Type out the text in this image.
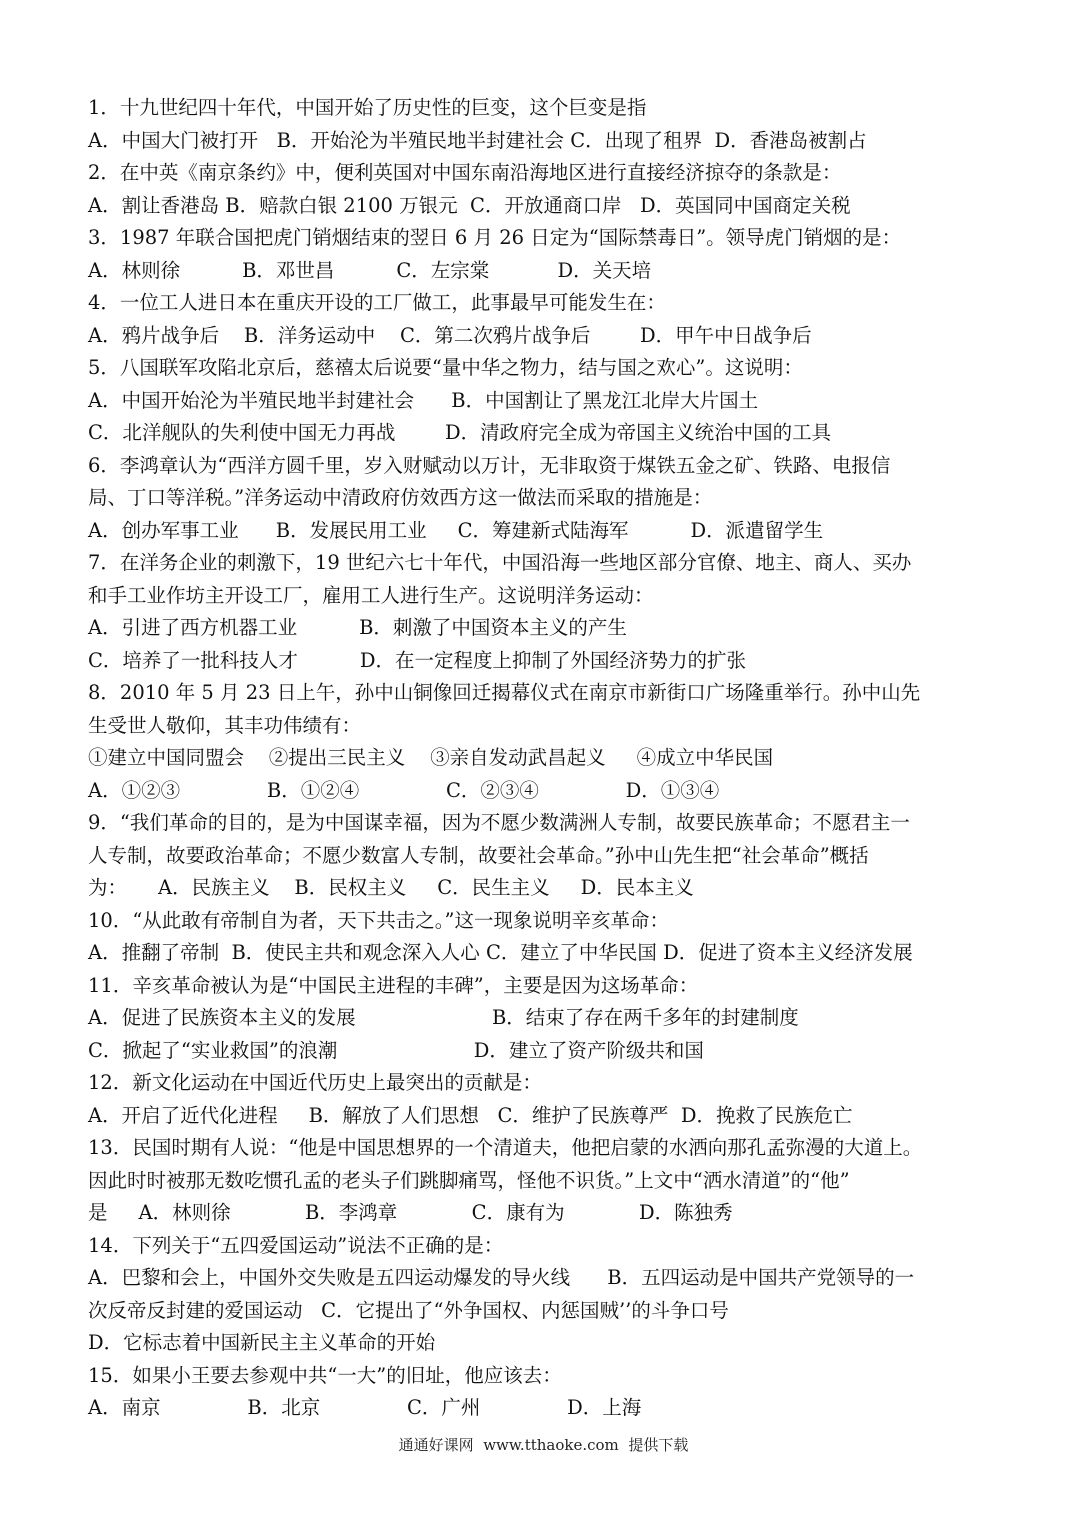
1．十九世纪四十年代，中国开始了历史性的巨变，这个巨变是指
A．中国大门被打开   B．开始沦为半殖民地半封建社会 C．出现了租界  D．香港岛被割占
2．在中英《南京条约》中，便利英国对中国东南沿海地区进行直接经济掠夺的条款是：
A．割让香港岛 B．赔款白银 2100 万银元  C．开放通商口岸   D．英国同中国商定关税
3．1987 年联合国把虎门销烟结束的翌日 6 月 26 日定为“国际禁毒日”。领导虎门销烟的是：
A．林则徐          B．邓世昌          C．左宗棠           D．关天培
4．一位工人进日本在重庆开设的工厂做工，此事最早可能发生在：
A．鸦片战争后    B．洋务运动中    C．第二次鸦片战争后        D．甲午中日战争后
5．八国联军攻陷北京后，慈禧太后说要“量中华之物力，结与国之欢心”。这说明：
A．中国开始沦为半殖民地半封建社会      B．中国割让了黑龙江北岸大片国土
C．北洋舰队的失利使中国无力再战        D．清政府完全成为帝国主义统治中国的工具
6．李鸿章认为“西洋方圆千里，岁入财赋动以万计，无非取资于煤铁五金之矿、铁路、电报信
局、丁口等洋税。”洋务运动中清政府仿效西方这一做法而采取的措施是：
A．创办军事工业      B．发展民用工业     C．筹建新式陆海军          D．派遣留学生
7．在洋务企业的刺激下，19 世纪六七十年代，中国沿海一些地区部分官僚、地主、商人、买办
和手工业作坊主开设工厂，雇用工人进行生产。这说明洋务运动：
A．引进了西方机器工业          B．刺激了中国资本主义的产生
C．培养了一批科技人才          D．在一定程度上抑制了外国经济势力的扩张
8．2010 年 5 月 23 日上午，孙中山铜像回迁揭幕仪式在南京市新街口广场隆重举行。孙中山先
生受世人敬仰，其丰功伟绩有：
①建立中国同盟会    ②提出三民主义    ③亲自发动武昌起义     ④成立中华民国
A．①②③              B．①②④              C．②③④              D．①③④
9．“我们革命的目的，是为中国谋幸福，因为不愿少数满洲人专制，故要民族革命；不愿君主一
人专制，故要政治革命；不愿少数富人专制，故要社会革命。”孙中山先生把“社会革命”概括
为：     A．民族主义    B．民权主义     C．民生主义     D．民本主义
10．“从此敢有帝制自为者，天下共击之。”这一现象说明辛亥革命：
A．推翻了帝制  B．使民主共和观念深入人心 C．建立了中华民国 D．促进了资本主义经济发展
11．辛亥革命被认为是“中国民主进程的丰碑”，主要是因为这场革命：
A．促进了民族资本主义的发展                      B．结束了存在两千多年的封建制度
C．掀起了“实业救国”的浪潮                      D．建立了资产阶级共和国
12．新文化运动在中国近代历史上最突出的贡献是：
A．开启了近代化进程     B．解放了人们思想   C．维护了民族尊严  D．挽救了民族危亡
13．民国时期有人说：“他是中国思想界的一个清道夫，他把启蒙的水洒向那孔孟弥漫的大道上。
因此时时被那无数吃惯孔孟的老头子们跳脚痛骂，怪他不识货。”上文中“洒水清道”的“他”
是     A．林则徐            B．李鸿章            C．康有为            D．陈独秀
14．下列关于“五四爱国运动”说法不正确的是：
A．巴黎和会上，中国外交失败是五四运动爆发的导火线      B．五四运动是中国共产党领导的一
次反帝反封建的爱国运动   C．它提出了“外争国权、内惩国贼’’的斗争口号
D．它标志着中国新民主主义革命的开始
15．如果小王要去参观中共“一大”的旧址，他应该去：
A．南京              B．北京              C．广州              D．上海
通通好课网  www.tthaoke.com  提供下载
